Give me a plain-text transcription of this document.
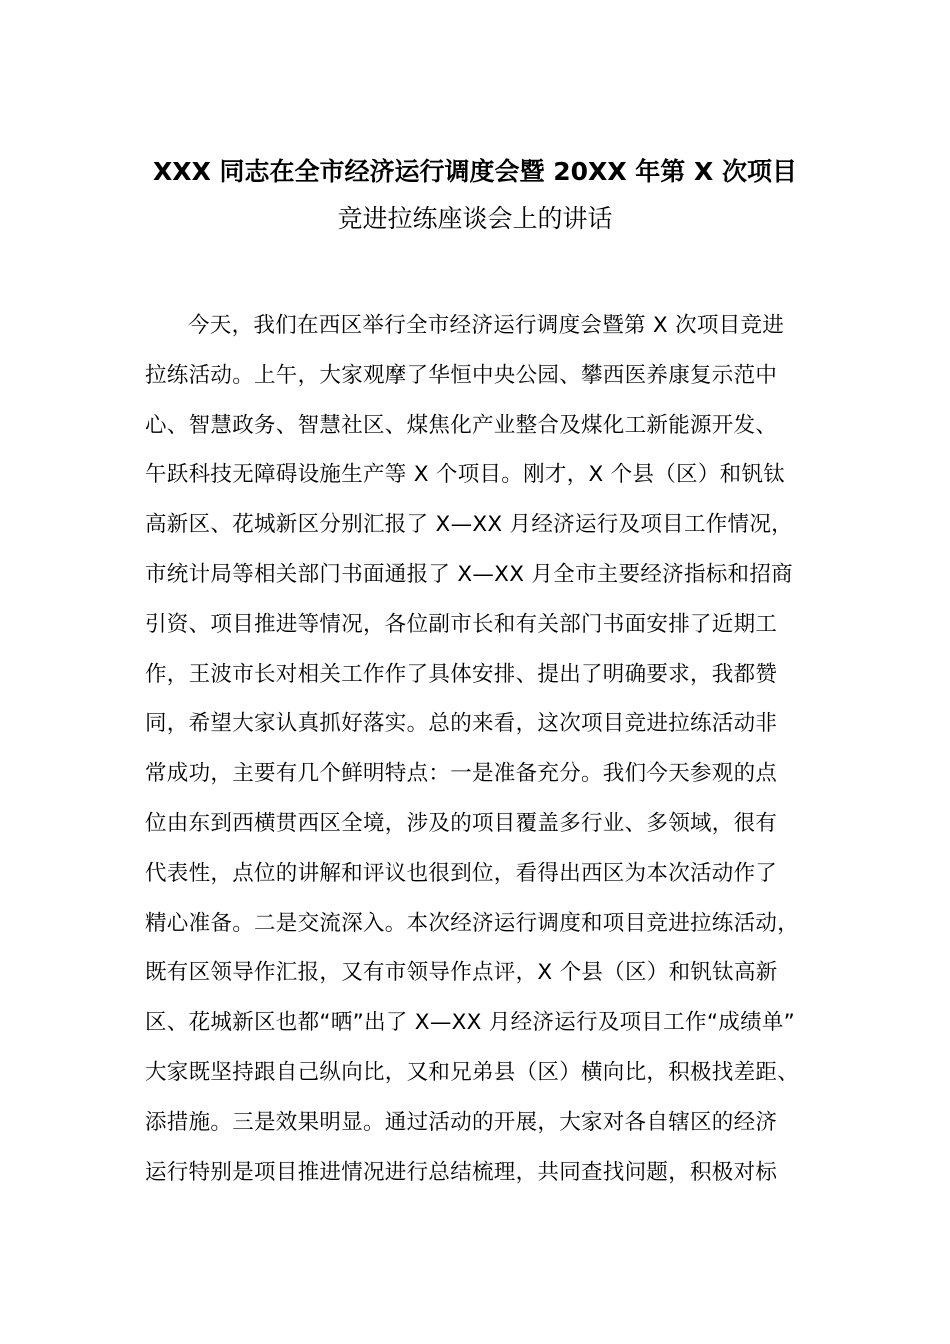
XXX 同志在全市经济运行调度会暨 20XX 年第 X 次项目
竞进拉练座谈会上的讲话
今天，我们在西区举行全市经济运行调度会暨第 X 次项目竞进
拉练活动。上午，大家观摩了华恒中央公园、攀西医养康复示范中
心、智慧政务、智慧社区、煤焦化产业整合及煤化工新能源开发、
午跃科技无障碍设施生产等 X 个项目。刚才，X 个县（区）和钒钛
高新区、花城新区分别汇报了 X—XX 月经济运行及项目工作情况，
市统计局等相关部门书面通报了 X—XX 月全市主要经济指标和招商
引资、项目推进等情况，各位副市长和有关部门书面安排了近期工
作，王波市长对相关工作作了具体安排、提出了明确要求，我都赞
同，希望大家认真抓好落实。总的来看，这次项目竞进拉练活动非
常成功，主要有几个鲜明特点：一是准备充分。我们今天参观的点
位由东到西横贯西区全境，涉及的项目覆盖多行业、多领域，很有
代表性，点位的讲解和评议也很到位，看得出西区为本次活动作了
精心准备。二是交流深入。本次经济运行调度和项目竞进拉练活动，
既有区领导作汇报，又有市领导作点评，X 个县（区）和钒钛高新
区、花城新区也都“晒”出了 X—XX 月经济运行及项目工作“成绩单”
大家既坚持跟自己纵向比，又和兄弟县（区）横向比，积极找差距、
添措施。三是效果明显。通过活动的开展，大家对各自辖区的经济
运行特别是项目推进情况进行总结梳理，共同查找问题，积极对标
